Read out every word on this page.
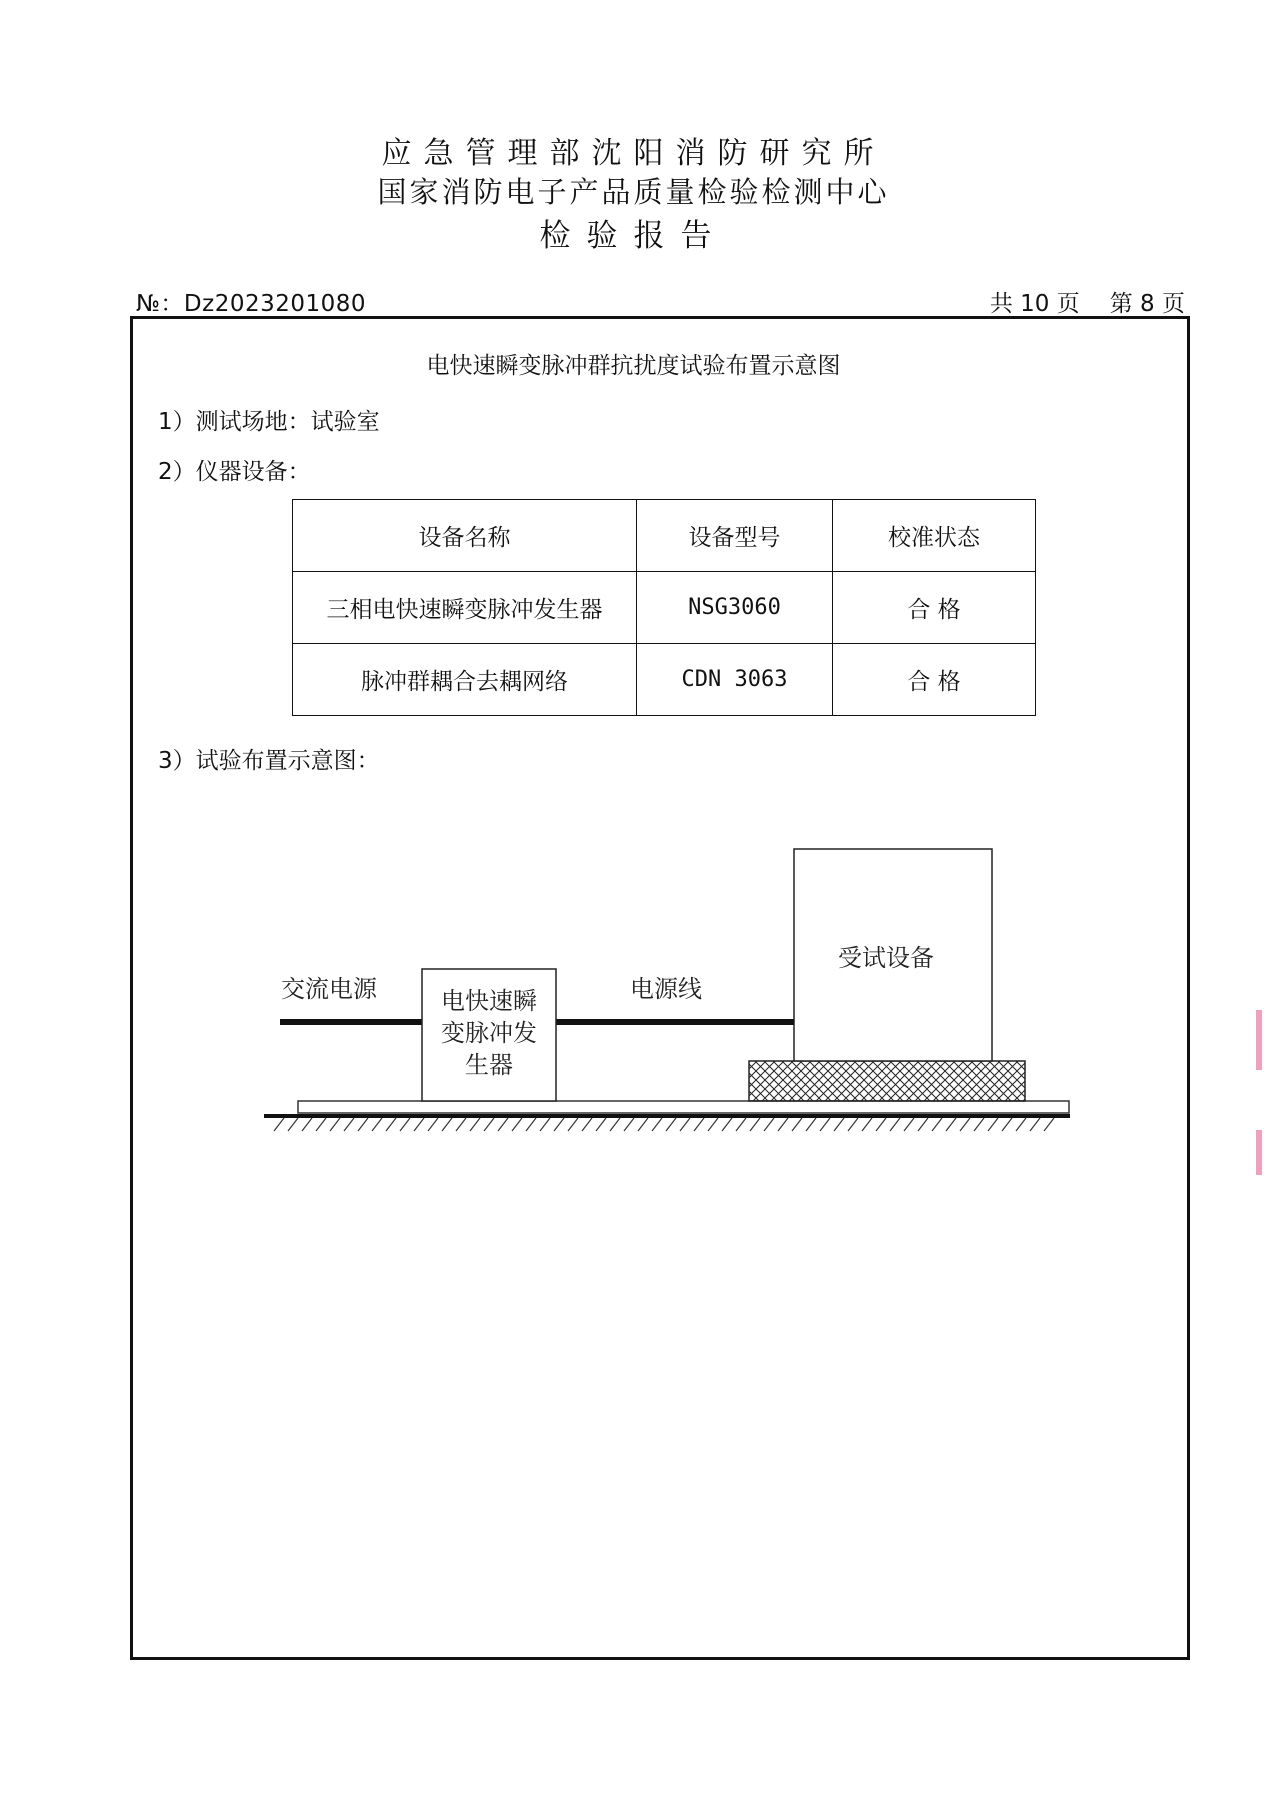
应急管理部沈阳消防研究所
国家消防电子产品质量检验检测中心
检验报告
№：Dz2023201080	共 10 页 第 8 页
电快速瞬变脉冲群抗扰度试验布置示意图
1）测试场地：试验室
2）仪器设备：
设备名称	设备型号	校准状态
三相电快速瞬变脉冲发生器	NSG3060	合 格
脉冲群耦合去耦网络	CDN 3063	合 格
3）试验布置示意图：
交流电源	电源线
电快速瞬
变脉冲发
生器
受试设备
